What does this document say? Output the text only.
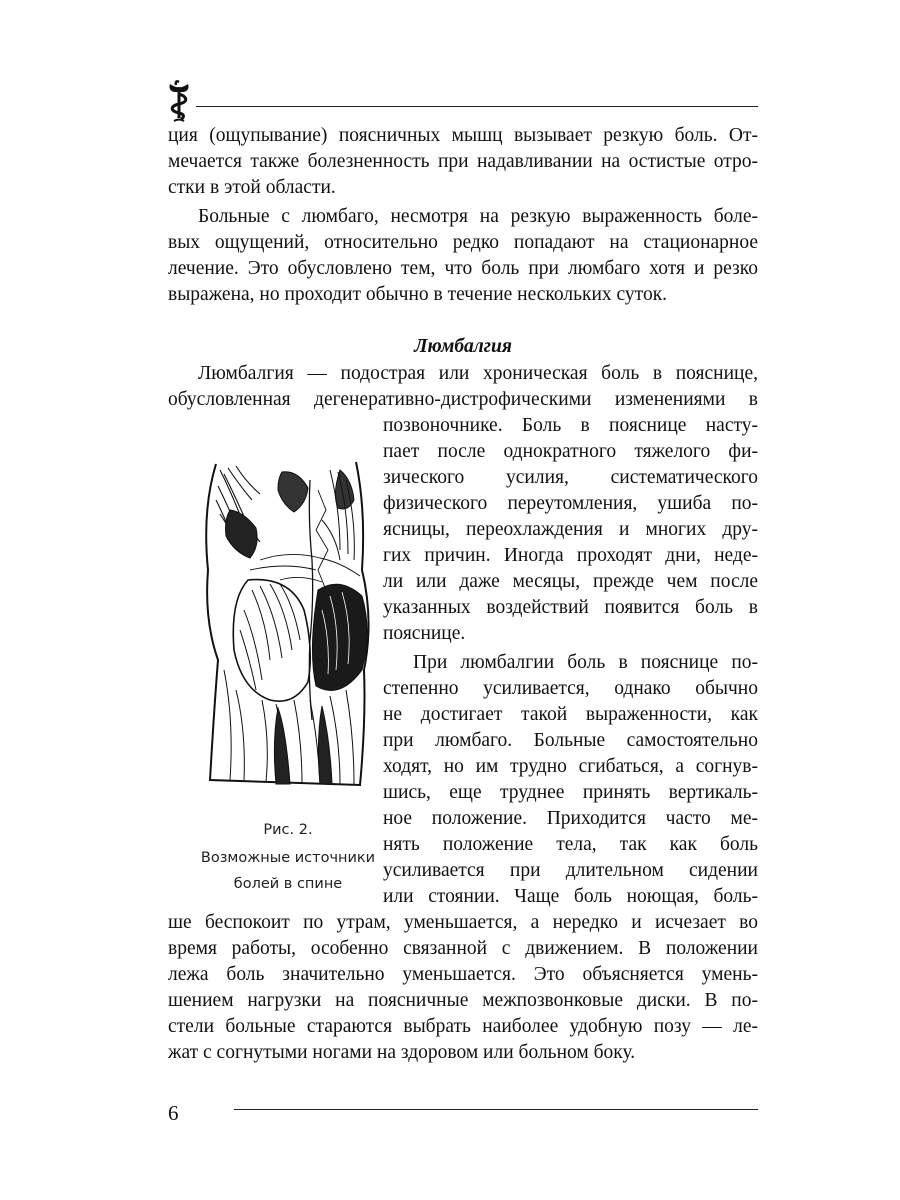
ция (ощупывание) поясничных мышц вызывает резкую боль. От-
мечается также болезненность при надавливании на остистые отро-
стки в этой области.
Больные с люмбаго, несмотря на резкую выраженность боле-
вых ощущений, относительно редко попадают на стационарное
лечение. Это обусловлено тем, что боль при люмбаго хотя и резко
выражена, но проходит обычно в течение нескольких суток.
Люмбалгия
Люмбалгия — подострая или хроническая боль в пояснице,
обусловленная дегенеративно-дистрофическими изменениями в
позвоночнике. Боль в пояснице насту-
пает после однократного тяжелого фи-
зического усилия, систематического
физического переутомления, ушиба по-
ясницы, переохлаждения и многих дру-
гих причин. Иногда проходят дни, неде-
ли или даже месяцы, прежде чем после
указанных воздействий появится боль в
пояснице.
При люмбалгии боль в пояснице по-
степенно усиливается, однако обычно
не достигает такой выраженности, как
при люмбаго. Больные самостоятельно
ходят, но им трудно сгибаться, а согнув-
шись, еще труднее принять вертикаль-
ное положение. Приходится часто ме-
нять положение тела, так как боль
усиливается при длительном сидении
или стоянии. Чаще боль ноющая, боль-
ше беспокоит по утрам, уменьшается, а нередко и исчезает во
время работы, особенно связанной с движением. В положении
лежа боль значительно уменьшается. Это объясняется умень-
шением нагрузки на поясничные межпозвонковые диски. В по-
стели больные стараются выбрать наиболее удобную позу — ле-
жат с согнутыми ногами на здоровом или больном боку.
Рис. 2.
Возможные источники
болей в спине
6
